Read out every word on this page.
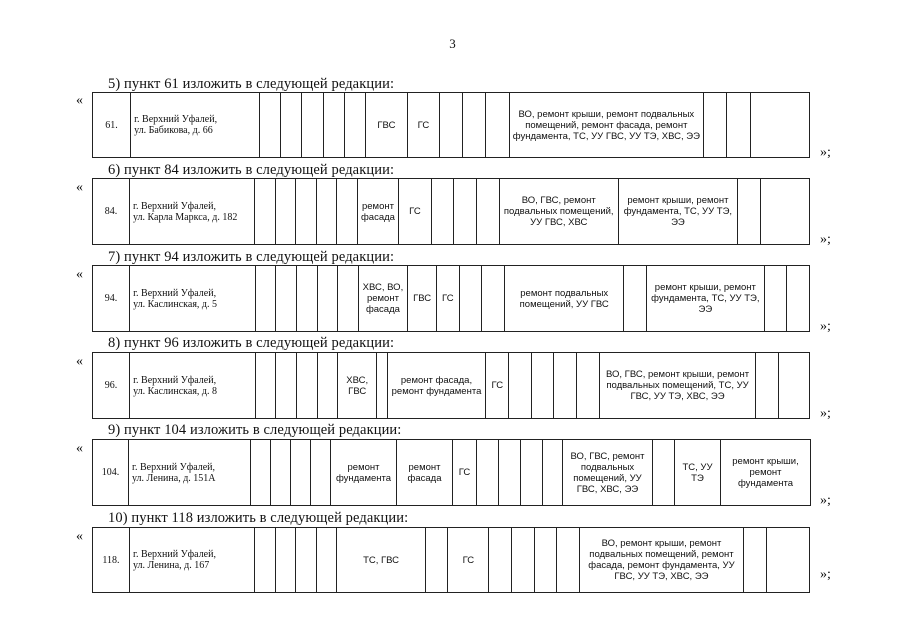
3
5) пункт 61 изложить в следующей редакции:
«
61.	г. Верхний Уфалей,
ул. Бабикова, д. 66						ГВС	ГС				ВО, ремонт крыши, ремонт подвальных помещений, ремонт фасада, ремонт фундамента, ТС, УУ ГВС, УУ ТЭ, ХВС, ЭЭ			
»;
6) пункт 84 изложить в следующей редакции:
«
84.	г. Верхний Уфалей,
ул. Карла Маркса, д. 182						ремонт фасада	ГС				ВО, ГВС, ремонт подвальных помещений, УУ ГВС, ХВС	ремонт крыши, ремонт фундамента, ТС, УУ ТЭ, ЭЭ		
»;
7) пункт 94 изложить в следующей редакции:
«
94.	г. Верхний Уфалей,
ул. Каслинская, д. 5						ХВС, ВО, ремонт фасада	ГВС	ГС			ремонт подвальных помещений, УУ ГВС		ремонт крыши, ремонт фундамента, ТС, УУ ТЭ, ЭЭ		
»;
8) пункт 96 изложить в следующей редакции:
«
96.	г. Верхний Уфалей,
ул. Каслинская, д. 8					ХВС, ГВС		ремонт фасада, ремонт фундамента	ГС					ВО, ГВС, ремонт крыши, ремонт подвальных помещений, ТС, УУ ГВС, УУ ТЭ, ХВС, ЭЭ		
»;
9) пункт 104 изложить в следующей редакции:
«
104.	г. Верхний Уфалей,
ул. Ленина, д. 151А					ремонт фундамента	ремонт фасада	ГС					ВО, ГВС, ремонт подвальных помещений, УУ ГВС, ХВС, ЭЭ		ТС, УУ ТЭ	ремонт крыши, ремонт фундамента
»;
10) пункт 118 изложить в следующей редакции:
«
118.	г. Верхний Уфалей,
ул. Ленина, д. 167					ТС, ГВС		ГС					ВО, ремонт крыши, ремонт подвальных помещений, ремонт фасада, ремонт фундамента, УУ ГВС, УУ ТЭ, ХВС, ЭЭ			»;
